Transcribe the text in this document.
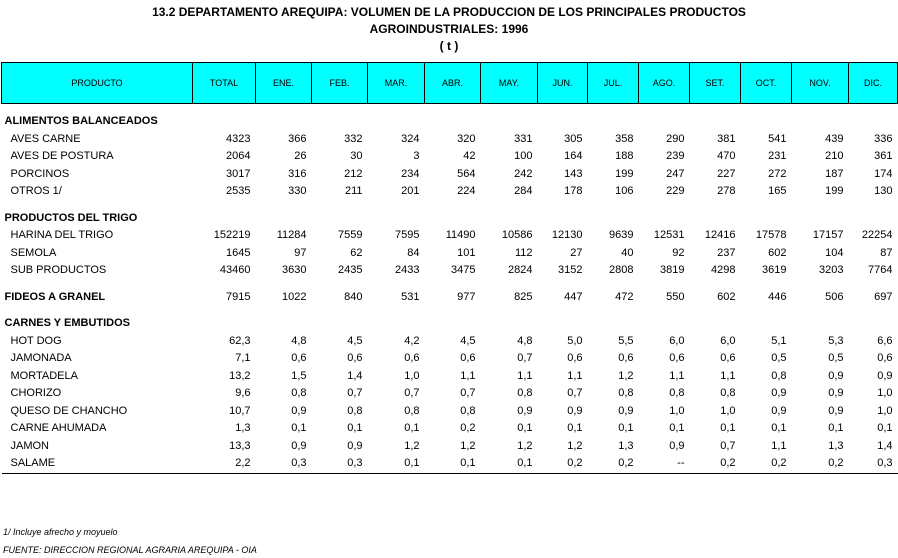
13.2 DEPARTAMENTO AREQUIPA: VOLUMEN DE LA PRODUCCION DE LOS PRINCIPALES PRODUCTOS
AGROINDUSTRIALES: 1996
( t )
PRODUCTO	TOTAL	ENE.	FEB.	MAR.	ABR.	MAY.	JUN.	JUL.	AGO.	SET.	OCT.	NOV.	DIC.

ALIMENTOS BALANCEADOS													
AVES CARNE	4323	366	332	324	320	331	305	358	290	381	541	439	336
AVES DE POSTURA	2064	26	30	3	42	100	164	188	239	470	231	210	361
PORCINOS	3017	316	212	234	564	242	143	199	247	227	272	187	174
OTROS 1/	2535	330	211	201	224	284	178	106	229	278	165	199	130

PRODUCTOS DEL TRIGO													
HARINA DEL TRIGO	152219	11284	7559	7595	11490	10586	12130	9639	12531	12416	17578	17157	22254
SEMOLA	1645	97	62	84	101	112	27	40	92	237	602	104	87
SUB PRODUCTOS	43460	3630	2435	2433	3475	2824	3152	2808	3819	4298	3619	3203	7764

FIDEOS A GRANEL	7915	1022	840	531	977	825	447	472	550	602	446	506	697

CARNES Y EMBUTIDOS													
HOT DOG	62,3	4,8	4,5	4,2	4,5	4,8	5,0	5,5	6,0	6,0	5,1	5,3	6,6
JAMONADA	7,1	0,6	0,6	0,6	0,6	0,7	0,6	0,6	0,6	0,6	0,5	0,5	0,6
MORTADELA	13,2	1,5	1,4	1,0	1,1	1,1	1,1	1,2	1,1	1,1	0,8	0,9	0,9
CHORIZO	9,6	0,8	0,7	0,7	0,7	0,8	0,7	0,8	0,8	0,8	0,9	0,9	1,0
QUESO DE CHANCHO	10,7	0,9	0,8	0,8	0,8	0,9	0,9	0,9	1,0	1,0	0,9	0,9	1,0
CARNE AHUMADA	1,3	0,1	0,1	0,1	0,2	0,1	0,1	0,1	0,1	0,1	0,1	0,1	0,1
JAMON	13,3	0,9	0,9	1,2	1,2	1,2	1,2	1,3	0,9	0,7	1,1	1,3	1,4
SALAME	2,2	0,3	0,3	0,1	0,1	0,1	0,2	0,2	--	0,2	0,2	0,2	0,3
1/ Incluye afrecho y moyuelo
FUENTE: DIRECCION REGIONAL AGRARIA AREQUIPA - OIA
